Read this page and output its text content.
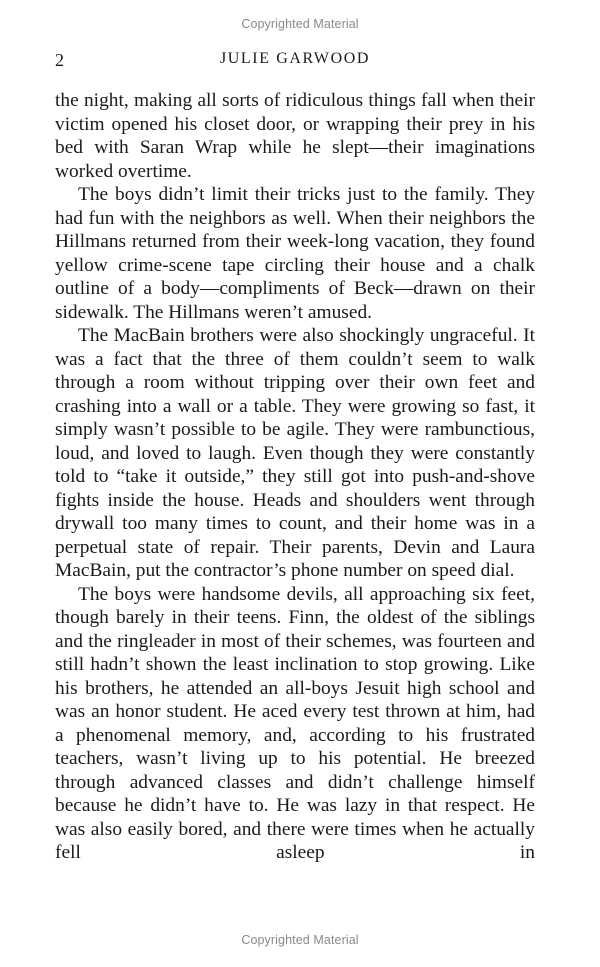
Copyrighted Material
2	JULIE GARWOOD

the night, making all sorts of ridiculous things fall when their victim opened his closet door, or wrapping their prey in his bed with Saran Wrap while he slept—their imaginations worked overtime.

The boys didn’t limit their tricks just to the family. They had fun with the neighbors as well. When their neighbors the Hillmans returned from their week-long vacation, they found yellow crime-scene tape circling their house and a chalk outline of a body—compliments of Beck—drawn on their sidewalk. The Hillmans weren’t amused.

The MacBain brothers were also shockingly ungraceful. It was a fact that the three of them couldn’t seem to walk through a room without tripping over their own feet and crashing into a wall or a table. They were growing so fast, it simply wasn’t possible to be agile. They were rambunctious, loud, and loved to laugh. Even though they were constantly told to “take it outside,” they still got into push-and-shove fights inside the house. Heads and shoulders went through drywall too many times to count, and their home was in a perpetual state of repair. Their parents, Devin and Laura MacBain, put the contractor’s phone number on speed dial.

The boys were handsome devils, all approaching six feet, though barely in their teens. Finn, the oldest of the siblings and the ringleader in most of their schemes, was fourteen and still hadn’t shown the least inclination to stop growing. Like his brothers, he attended an all-boys Jesuit high school and was an honor student. He aced every test thrown at him, had a phenomenal memory, and, according to his frustrated teachers, wasn’t living up to his potential. He breezed through advanced classes and didn’t challenge himself because he didn’t have to. He was lazy in that respect. He was also easily bored, and there were times when he actually fell asleep in

Copyrighted Material
